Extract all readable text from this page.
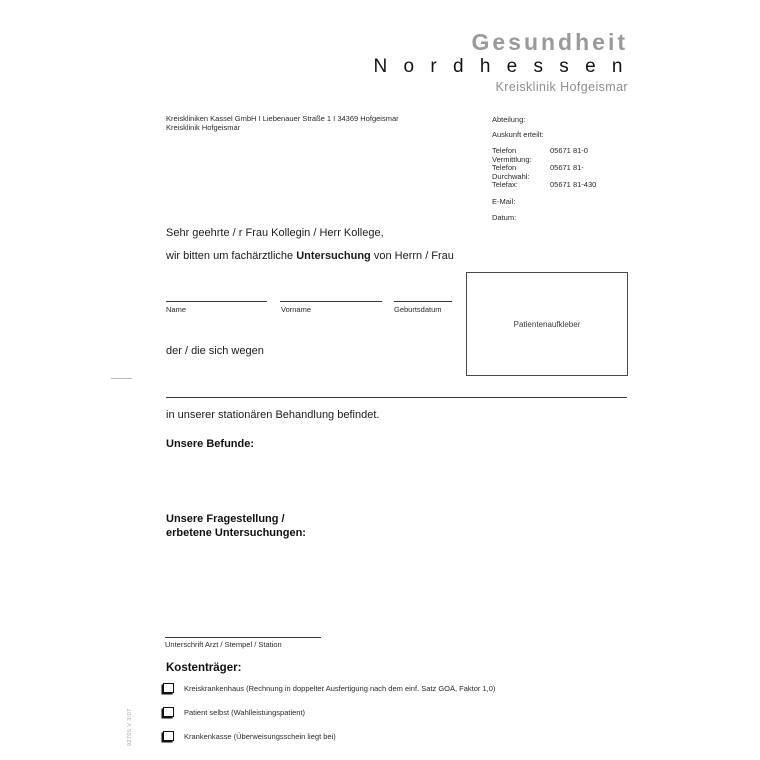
Gesundheit
N o r d h e s s e n
Kreisklinik Hofgeismar
Kreiskliniken Kassel GmbH I Liebenauer Straße 1 I 34369 Hofgeismar
Kreisklinik Hofgeismar
Abteilung:
Auskunft erteilt:
Telefon Vermittlung:
05671 81-0
Telefon Durchwahl:
05671 81-
Telefax:	05671 81-430
E-Mail:
Datum:
Sehr geehrte / r Frau Kollegin / Herr Kollege,
wir bitten um fachärztliche Untersuchung von Herrn / Frau
Name	Vorname	Geburtsdatum
Patientenaufkleber
der / die sich wegen
in unserer stationären Behandlung befindet.
Unsere Befunde:
Unsere Fragestellung /
erbetene Untersuchungen:
Unterschrift Arzt / Stempel / Station
Kostenträger:
Kreiskrankenhaus (Rechnung in doppelter Ausfertigung nach dem einf. Satz GOÄ, Faktor 1,0)
Patient selbst (Wahlleistungspatient)
Krankenkasse (Überweisungsschein liegt bei)
92705 V 3/07
